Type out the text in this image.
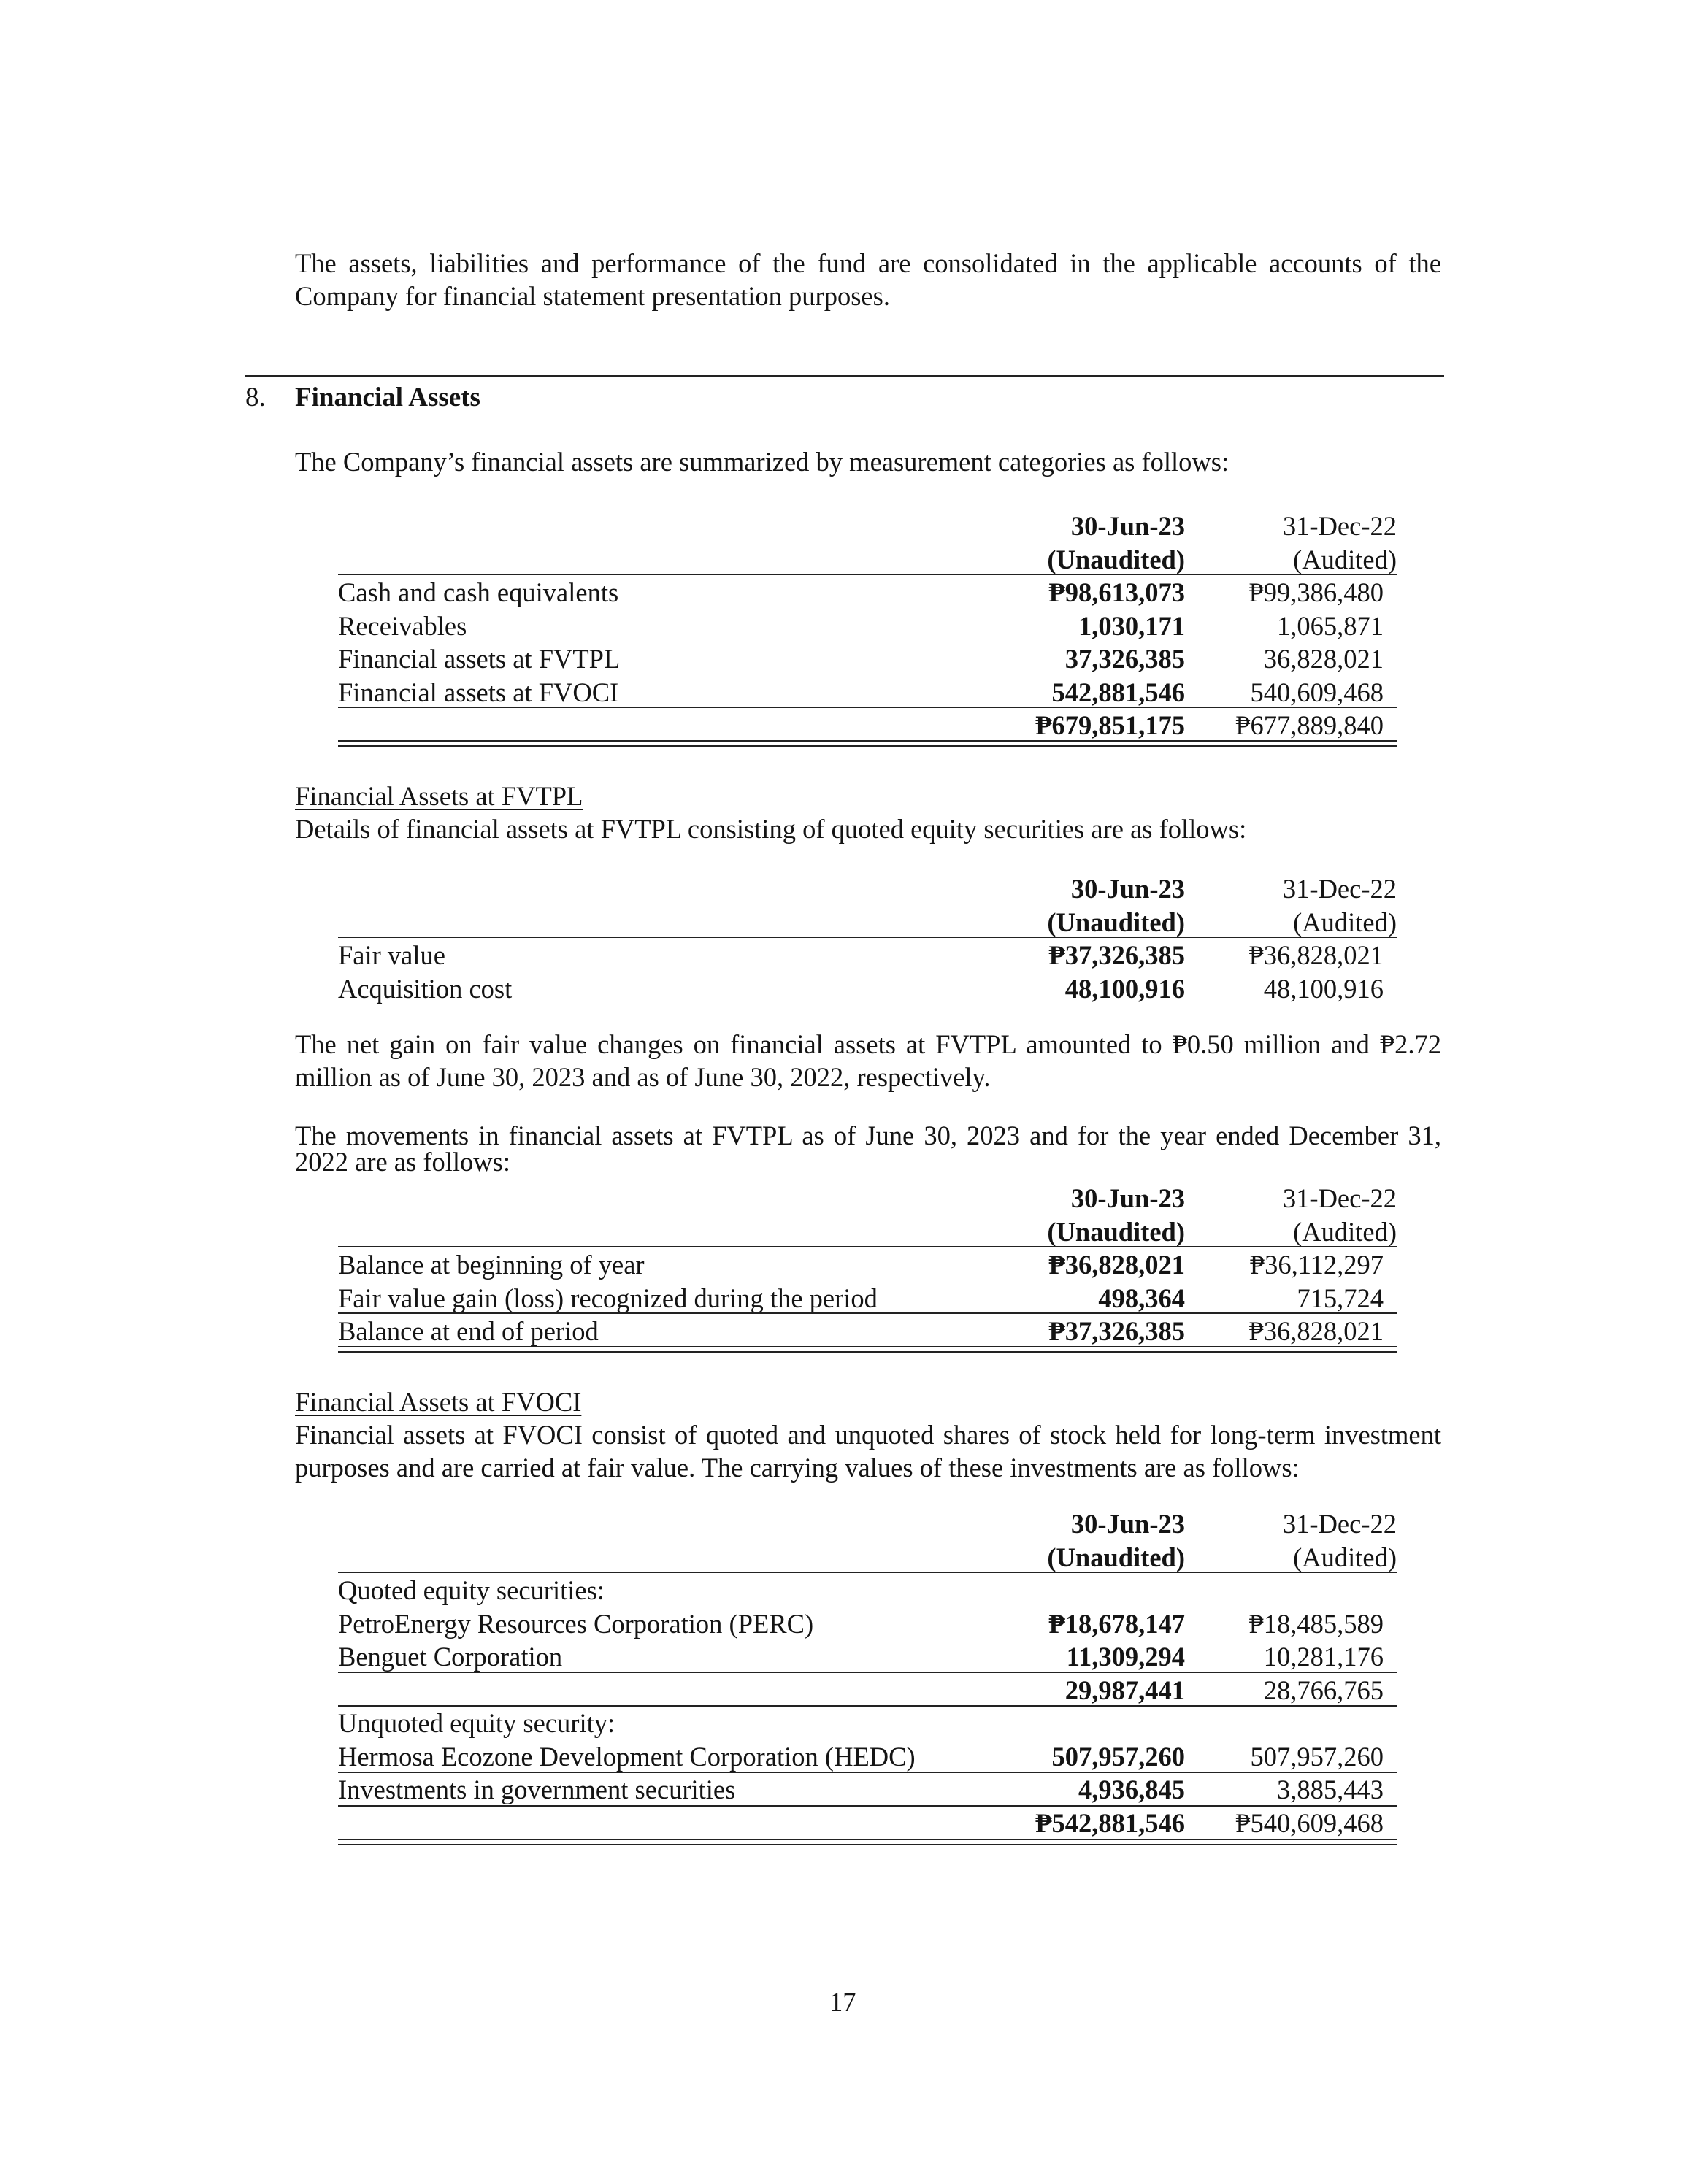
The assets, liabilities and performance of the fund are consolidated in the applicable accounts of the Company for financial statement presentation purposes.
8. Financial Assets
The Company’s financial assets are summarized by measurement categories as follows:
30-Jun-23	31-Dec-22
(Unaudited)	(Audited)
Cash and cash equivalents	₱98,613,073 ₱99,386,480
Receivables	1,030,171	1,065,871
Financial assets at FVTPL	37,326,385	36,828,021
Financial assets at FVOCI	542,881,546 540,609,468
₱679,851,175 ₱677,889,840
Financial Assets at FVTPL
Details of financial assets at FVTPL consisting of quoted equity securities are as follows:
30-Jun-23	31-Dec-22
(Unaudited)	(Audited)
Fair value	₱37,326,385 ₱36,828,021
Acquisition cost	48,100,916	48,100,916
The net gain on fair value changes on financial assets at FVTPL amounted to ₱0.50 million and ₱2.72 million as of June 30, 2023 and as of June 30, 2022, respectively.
The movements in financial assets at FVTPL as of June 30, 2023 and for the year ended December 31, 2022 are as follows:
30-Jun-23	31-Dec-22
(Unaudited)	(Audited)
Balance at beginning of year	₱36,828,021 ₱36,112,297
Fair value gain (loss) recognized during the period	498,364	715,724
Balance at end of period	₱37,326,385 ₱36,828,021
Financial Assets at FVOCI
Financial assets at FVOCI consist of quoted and unquoted shares of stock held for long-term investment purposes and are carried at fair value. The carrying values of these investments are as follows:
30-Jun-23	31-Dec-22
(Unaudited)	(Audited)
Quoted equity securities:
PetroEnergy Resources Corporation (PERC)	₱18,678,147 ₱18,485,589
Benguet Corporation	11,309,294	10,281,176
29,987,441	28,766,765
Unquoted equity security:
Hermosa Ecozone Development Corporation (HEDC)	507,957,260 507,957,260
Investments in government securities	4,936,845	3,885,443
₱542,881,546 ₱540,609,468
17
